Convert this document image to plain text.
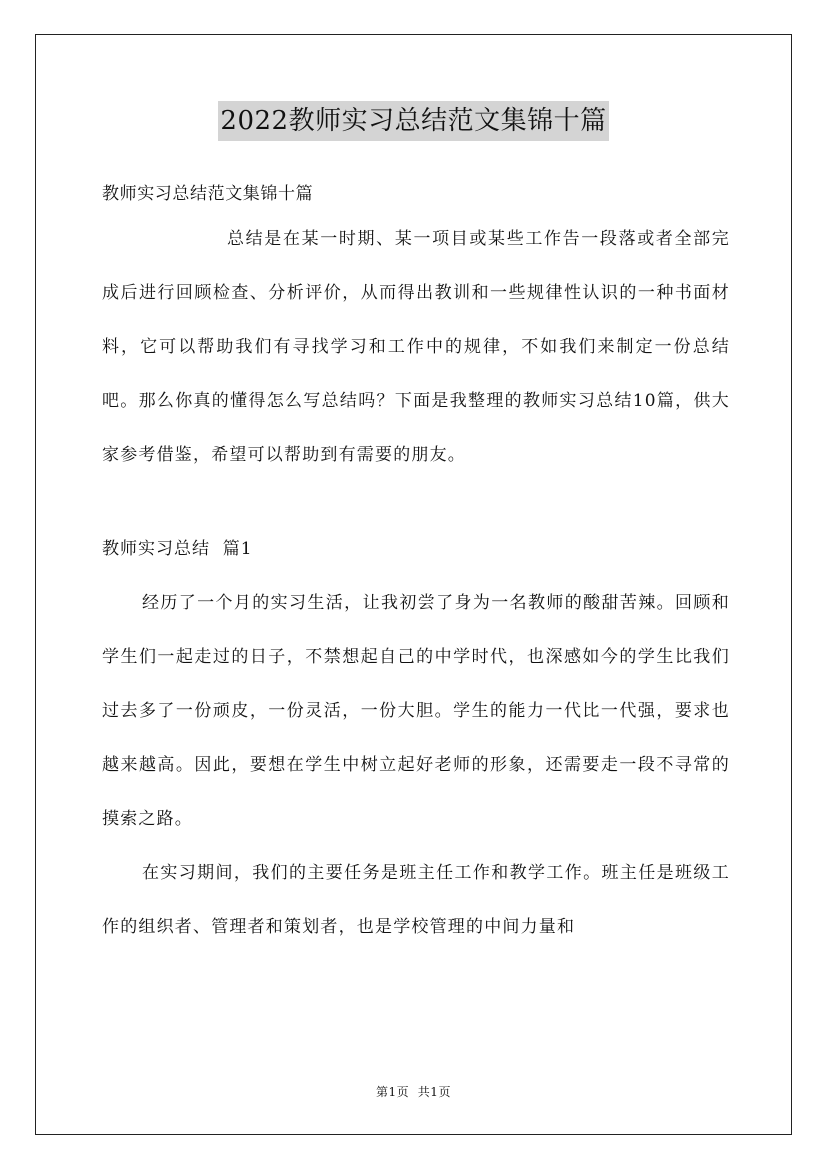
2022教师实习总结范文集锦十篇
教师实习总结范文集锦十篇

总结是在某一时期、某一项目或某些工作告一段落或者全部完成后进行回顾检查、分析评价，从而得出教训和一些规律性认识的一种书面材料，它可以帮助我们有寻找学习和工作中的规律，不如我们来制定一份总结吧。那么你真的懂得怎么写总结吗？下面是我整理的教师实习总结10篇，供大家参考借鉴，希望可以帮助到有需要的朋友。

教师实习总结  篇1

经历了一个月的实习生活，让我初尝了身为一名教师的酸甜苦辣。回顾和学生们一起走过的日子，不禁想起自己的中学时代，也深感如今的学生比我们过去多了一份顽皮，一份灵活，一份大胆。学生的能力一代比一代强，要求也越来越高。因此，要想在学生中树立起好老师的形象，还需要走一段不寻常的摸索之路。

在实习期间，我们的主要任务是班主任工作和教学工作。班主任是班级工作的组织者、管理者和策划者，也是学校管理的中间力量和

第1页  共1页
